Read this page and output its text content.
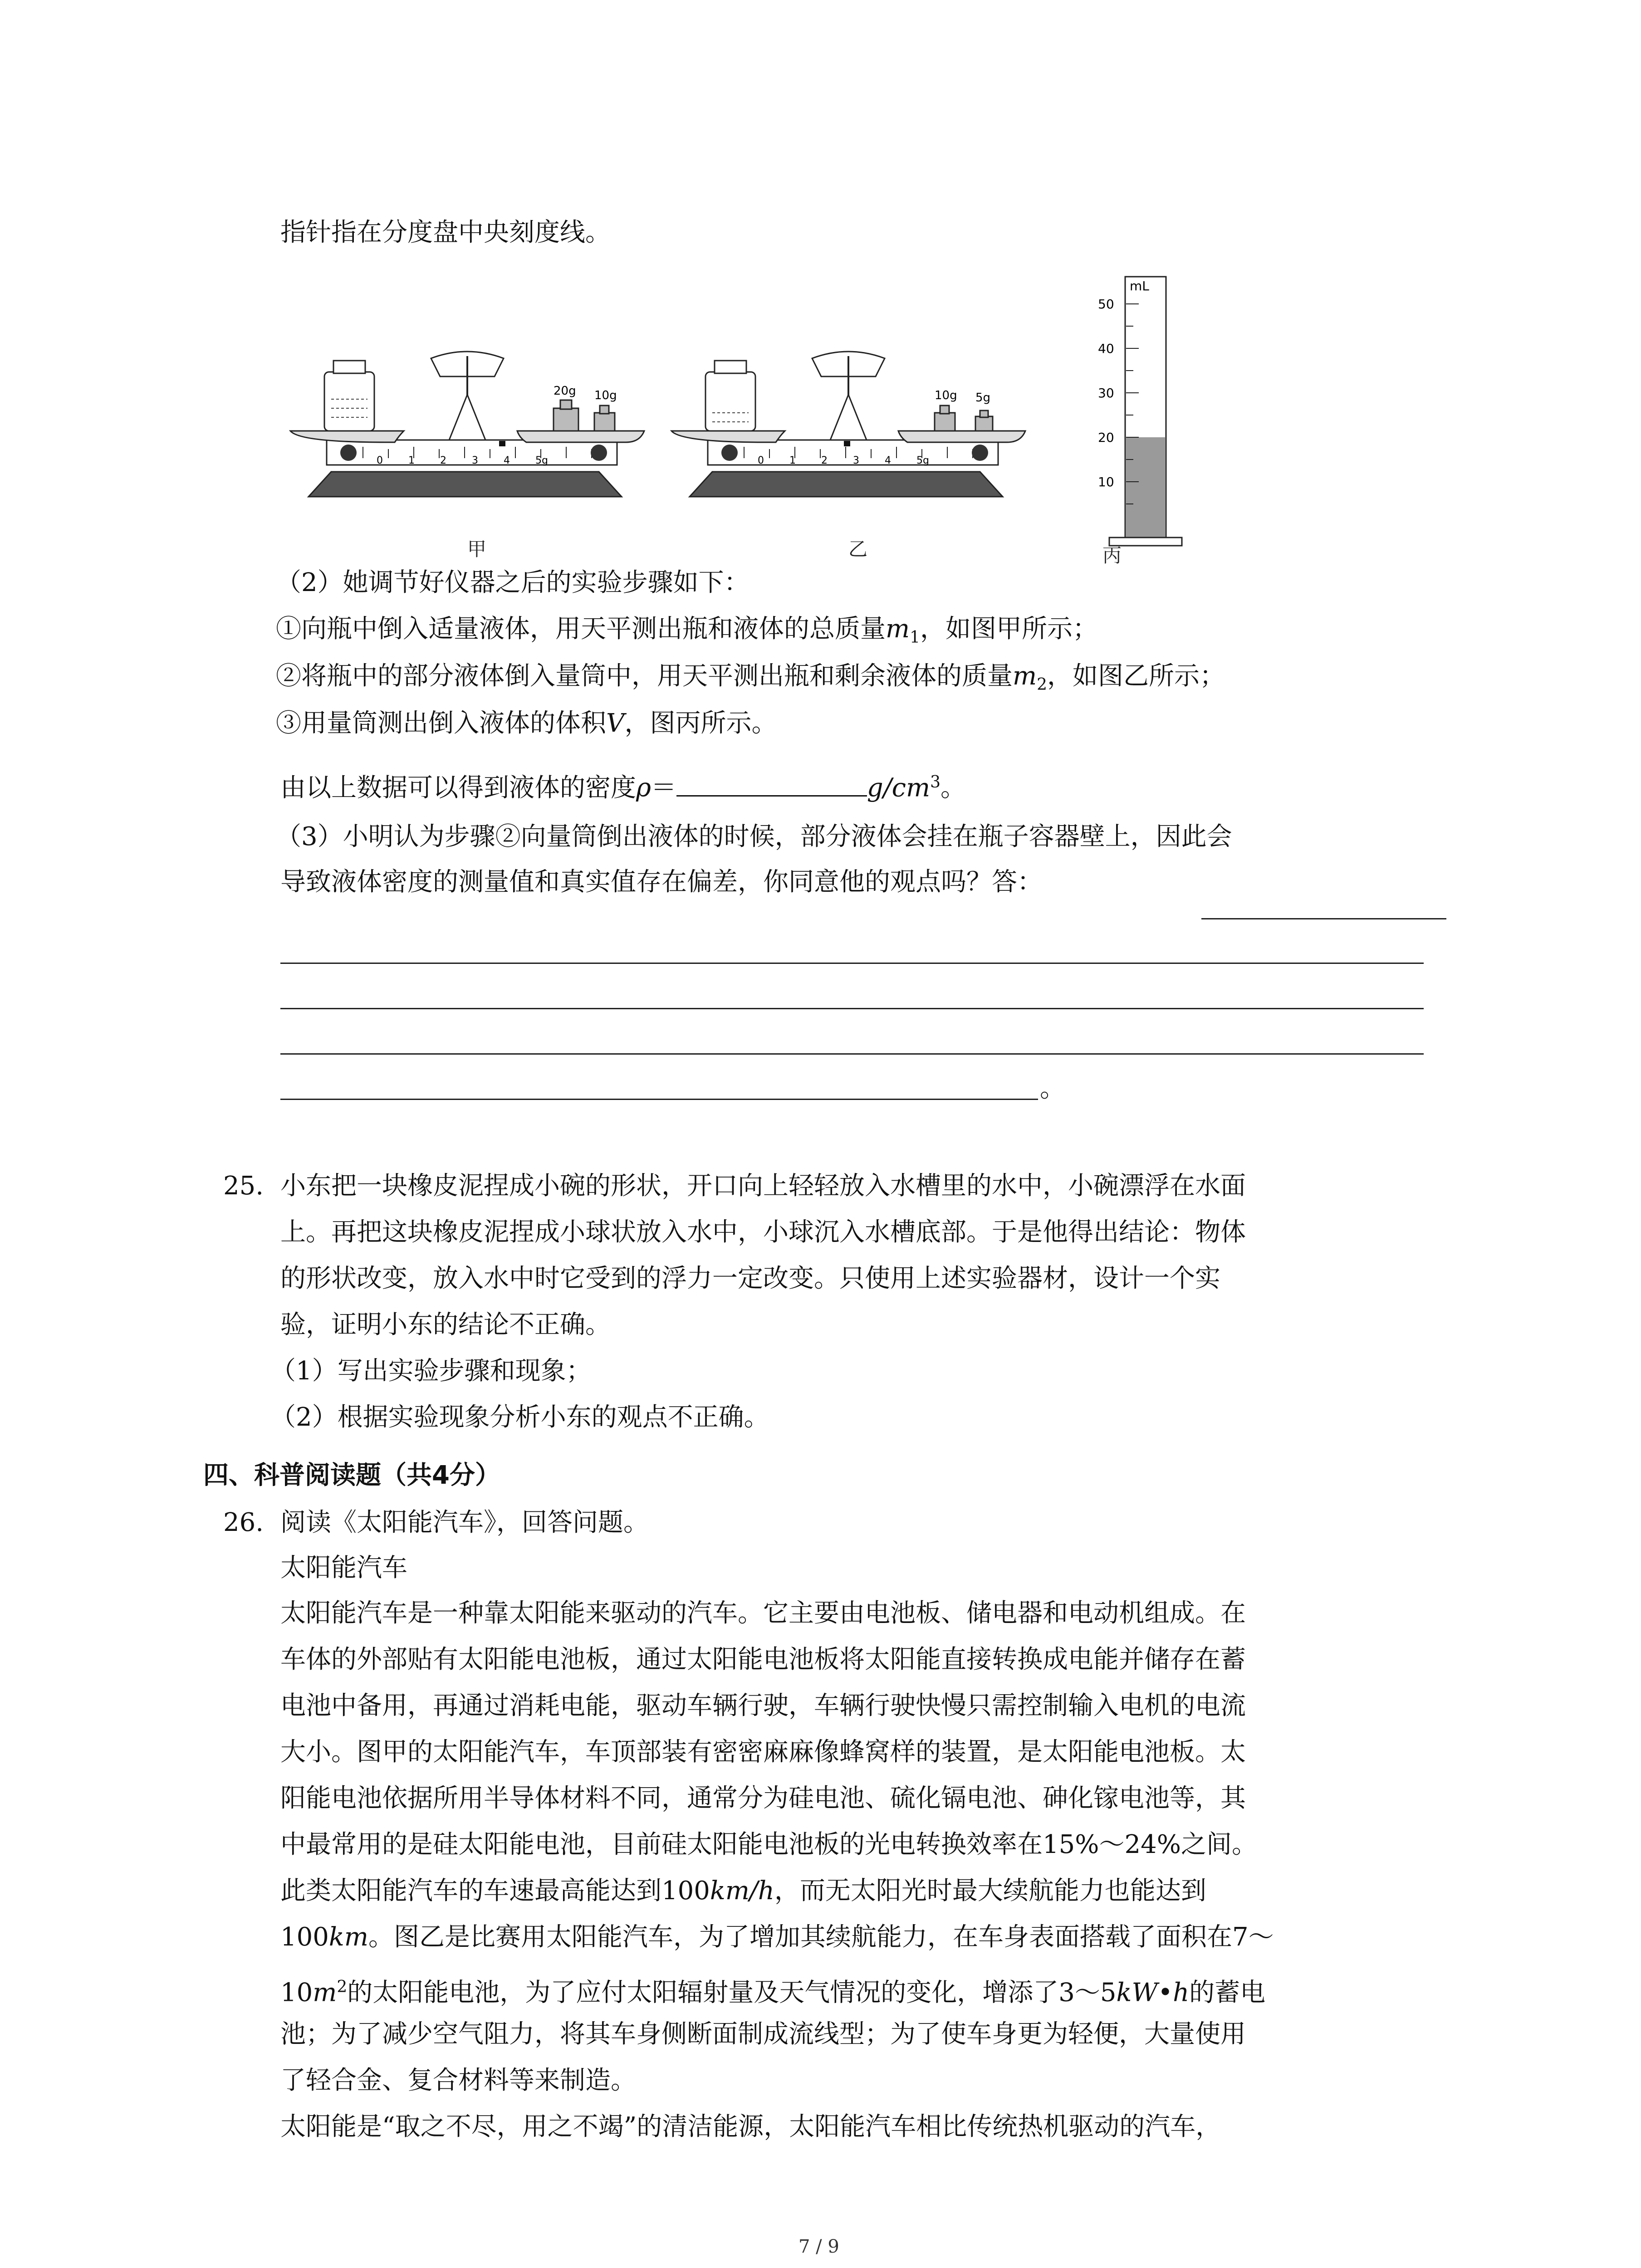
指针指在分度盘中央刻度线。
0	1	2	3	4	5g
20g 10g
甲
0	1	2	3	4	5g
10g 5g
乙
mL
50
40
30
20
10
丙
（2）她调节好仪器之后的实验步骤如下：
①向瓶中倒入适量液体，用天平测出瓶和液体的总质量$m_1$，如图甲所示；
②将瓶中的部分液体倒入量筒中，用天平测出瓶和剩余液体的质量$m_2$，如图乙所示；
③用量筒测出倒入液体的体积V，图丙所示。
由以上数据可以得到液体的密度ρ＝	$g/cm^3$。
（3）小明认为步骤②向量筒倒出液体的时候，部分液体会挂在瓶子容器壁上，因此会
导致液体密度的测量值和真实值存在偏差，你同意他的观点吗？答：
。
25. 小东把一块橡皮泥捏成小碗的形状，开口向上轻轻放入水槽里的水中，小碗漂浮在水面
上。再把这块橡皮泥捏成小球状放入水中，小球沉入水槽底部。于是他得出结论：物体
的形状改变，放入水中时它受到的浮力一定改变。只使用上述实验器材，设计一个实
验，证明小东的结论不正确。
（1）写出实验步骤和现象；
（2）根据实验现象分析小东的观点不正确。
四、科普阅读题（共4分）
26. 阅读《太阳能汽车》，回答问题。
太阳能汽车
太阳能汽车是一种靠太阳能来驱动的汽车。它主要由电池板、储电器和电动机组成。在
车体的外部贴有太阳能电池板，通过太阳能电池板将太阳能直接转换成电能并储存在蓄
电池中备用，再通过消耗电能，驱动车辆行驶，车辆行驶快慢只需控制输入电机的电流
大小。图甲的太阳能汽车，车顶部装有密密麻麻像蜂窝样的装置，是太阳能电池板。太
阳能电池依据所用半导体材料不同，通常分为硅电池、硫化镉电池、砷化镓电池等，其
中最常用的是硅太阳能电池，目前硅太阳能电池板的光电转换效率在15%～24%之间。
此类太阳能汽车的车速最高能达到100km/h，而无太阳光时最大续航能力也能达到
100km。图乙是比赛用太阳能汽车，为了增加其续航能力，在车身表面搭载了面积在7～
$10m^2$的太阳能电池，为了应付太阳辐射量及天气情况的变化，增添了3～5kW•h的蓄电
池；为了减少空气阻力，将其车身侧断面制成流线型；为了使车身更为轻便，大量使用
了轻合金、复合材料等来制造。
太阳能是“取之不尽，用之不竭”的清洁能源，太阳能汽车相比传统热机驱动的汽车，
7 / 9
